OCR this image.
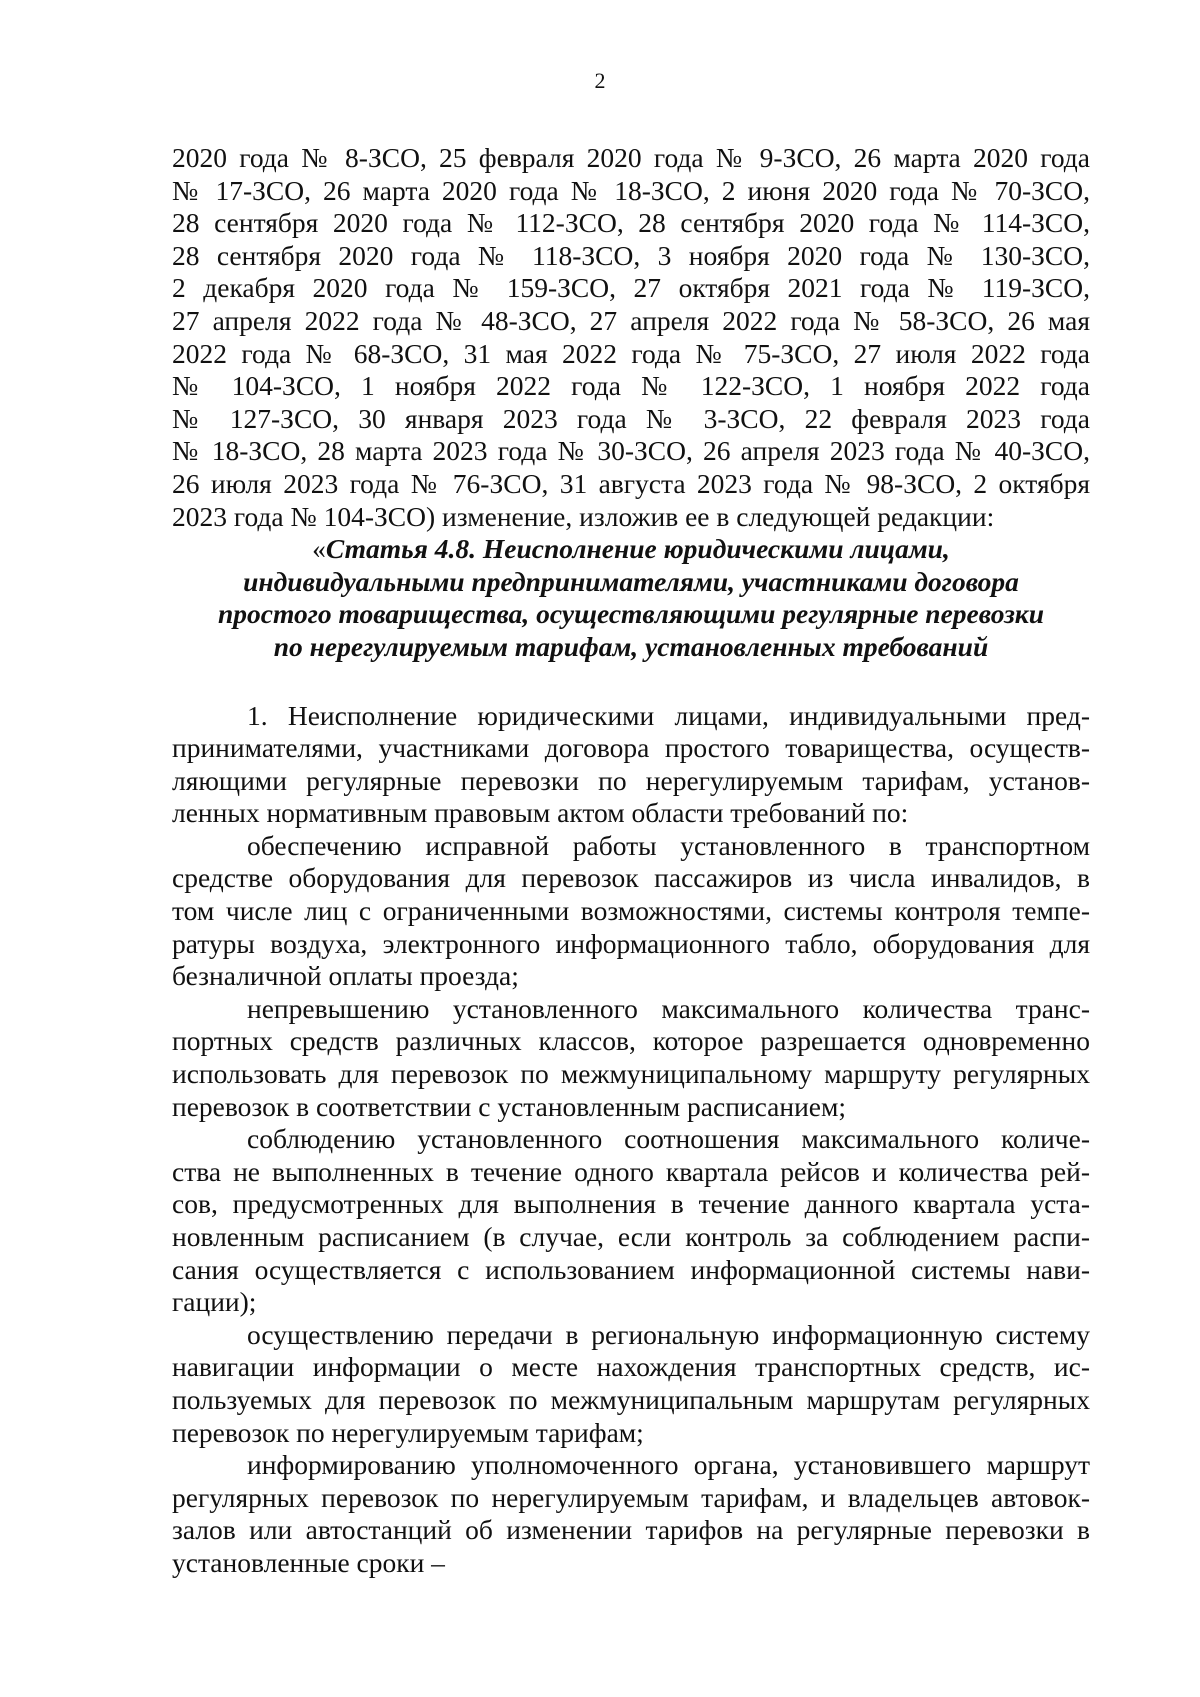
2

2020 года № 8-ЗСО, 25 февраля 2020 года № 9-ЗСО, 26 марта 2020 года

№ 17-ЗСО, 26 марта 2020 года № 18-ЗСО, 2 июня 2020 года № 70-ЗСО,

28 сентября 2020 года № 112-ЗСО, 28 сентября 2020 года № 114-ЗСО,

28 сентября 2020 года № 118-ЗСО, 3 ноября 2020 года № 130-ЗСО,

2 декабря 2020 года № 159-ЗСО, 27 октября 2021 года № 119-ЗСО,

27 апреля 2022 года № 48-ЗСО, 27 апреля 2022 года № 58-ЗСО, 26 мая

2022 года № 68-ЗСО, 31 мая 2022 года № 75-ЗСО, 27 июля 2022 года

№ 104-ЗСО, 1 ноября 2022 года № 122-ЗСО, 1 ноября 2022 года

№ 127-ЗСО, 30 января 2023 года № 3-ЗСО, 22 февраля 2023 года

№ 18-ЗСО, 28 марта 2023 года № 30-ЗСО, 26 апреля 2023 года № 40-ЗСО,

26 июля 2023 года № 76-ЗСО, 31 августа 2023 года № 98-ЗСО, 2 октября

2023 года № 104-ЗСО) изменение, изложив ее в следующей редакции:

«Статья 4.8. Неисполнение юридическими лицами,
индивидуальными предпринимателями, участниками договора
простого товарищества, осуществляющими регулярные перевозки
по нерегулируемым тарифам, установленных требований

1. Неисполнение юридическими лицами, индивидуальными пред-

принимателями, участниками договора простого товарищества, осуществ-

ляющими регулярные перевозки по нерегулируемым тарифам, установ-

ленных нормативным правовым актом области требований по:

обеспечению исправной работы установленного в транспортном

средстве оборудования для перевозок пассажиров из числа инвалидов, в

том числе лиц с ограниченными возможностями, системы контроля темпе-

ратуры воздуха, электронного информационного табло, оборудования для

безналичной оплаты проезда;

непревышению установленного максимального количества транс-

портных средств различных классов, которое разрешается одновременно

использовать для перевозок по межмуниципальному маршруту регулярных

перевозок в соответствии с установленным расписанием;

соблюдению установленного соотношения максимального количе-

ства не выполненных в течение одного квартала рейсов и количества рей-

сов, предусмотренных для выполнения в течение данного квартала уста-

новленным расписанием (в случае, если контроль за соблюдением распи-

сания осуществляется с использованием информационной системы нави-

гации);

осуществлению передачи в региональную информационную систему

навигации информации о месте нахождения транспортных средств, ис-

пользуемых для перевозок по межмуниципальным маршрутам регулярных

перевозок по нерегулируемым тарифам;

информированию уполномоченного органа, установившего маршрут

регулярных перевозок по нерегулируемым тарифам, и владельцев автовок-

залов или автостанций об изменении тарифов на регулярные перевозки в

установленные сроки –
